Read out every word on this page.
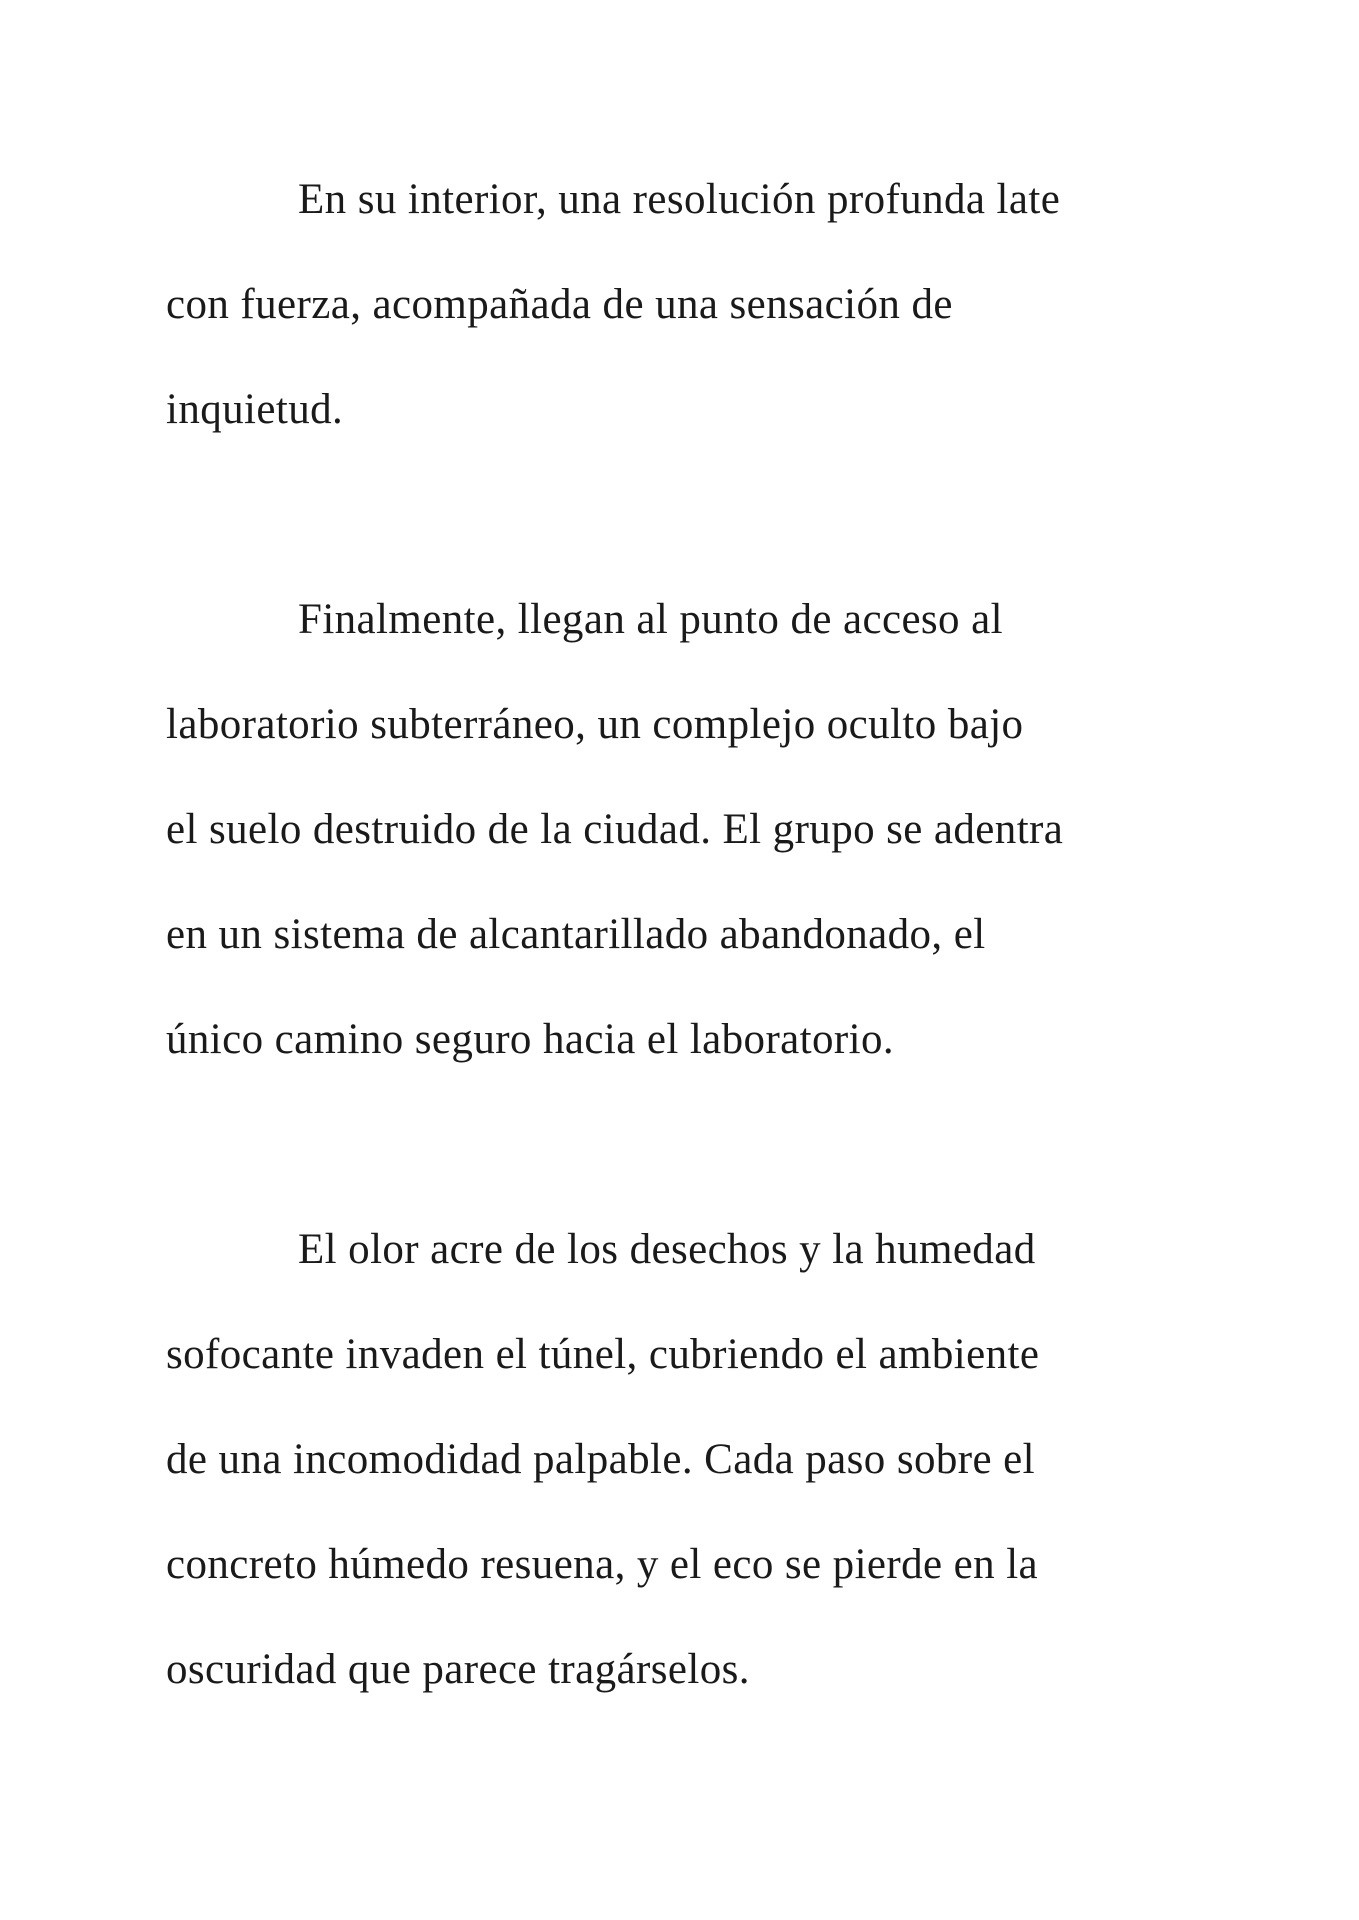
En su interior, una resolución profunda late
con fuerza, acompañada de una sensación de
inquietud.
Finalmente, llegan al punto de acceso al
laboratorio subterráneo, un complejo oculto bajo
el suelo destruido de la ciudad. El grupo se adentra
en un sistema de alcantarillado abandonado, el
único camino seguro hacia el laboratorio.
El olor acre de los desechos y la humedad
sofocante invaden el túnel, cubriendo el ambiente
de una incomodidad palpable. Cada paso sobre el
concreto húmedo resuena, y el eco se pierde en la
oscuridad que parece tragárselos.
